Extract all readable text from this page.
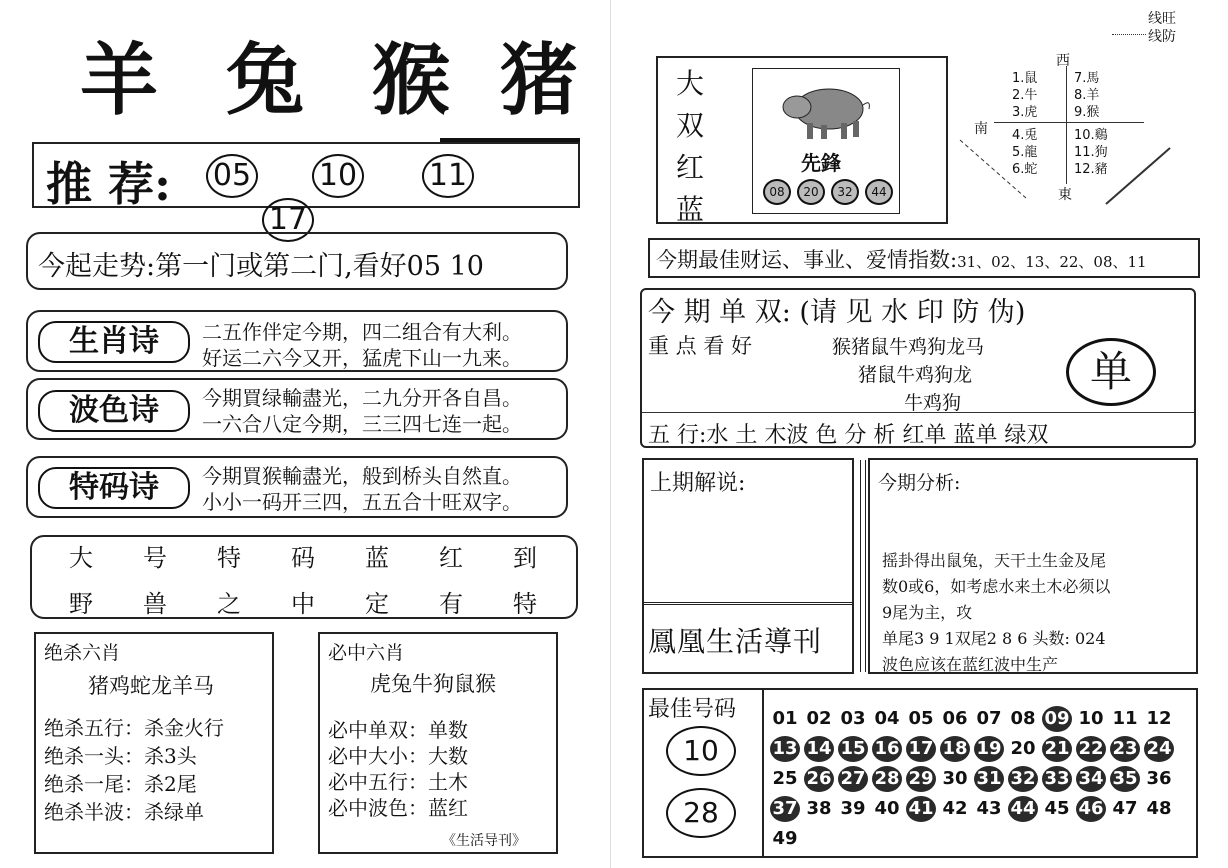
羊 兔 猴 猪
推 荐: 05 10 1117
今起走势:第一门或第二门,看好05 10
生肖诗	二五作伴定今期，四二组合有大利。
好运二六今又开，猛虎下山一九来。
波色诗	今期買绿輸盡光，二九分开各自昌。
一六合八定今期，三三四七连一起。
特码诗	今期買猴輸盡光，般到桥头自然直。
小小一码开三四，五五合十旺双字。
大 号 特 码 蓝 红 到
野 兽 之 中 定 有 特
绝杀六肖
猪鸡蛇龙羊马
绝杀五行：杀金火行
绝杀一头：杀3头
绝杀一尾：杀2尾
绝杀半波：杀绿单
必中六肖
虎兔牛狗鼠猴
必中单双：单数
必中大小：大数
必中五行：土木
必中波色：蓝红
《生活导刊》
线旺
线防
大
双
红
蓝
先鋒
08 20 32 44
西
南
東
1.鼠
2.牛
3.虎
4.兎
5.龍
6.蛇
7.馬
8.羊
9.猴
10.鷄
11.狗
12.豬
今期最佳财运、事业、爱情指数:31、02、13、22、08、11
今 期 单 双: (请 见 水 印 防 伪)
重 点 看 好	猴猪鼠牛鸡狗龙马
猪鼠牛鸡狗龙
牛鸡狗
单
五 行:水 土 木波 色 分 析 红单 蓝单 绿双
上期解说:
鳳凰生活導刊
今期分析:
摇卦得出鼠兔，天干土生金及尾
数0或6，如考虑水来土木必须以
9尾为主，攻
单尾3 9 1双尾2 8 6 头数: 024
波色应该在蓝红波中生产
最佳号码
10
28
01 02 03 04 05 06 07 08 09 10 11 12
13 14 15 16 17 18 19 20 21 22 23 24
25 26 27 28 29 30 31 32 33 34 35 36
37 38 39 40 41 42 43 44 45 46 47 48
49
